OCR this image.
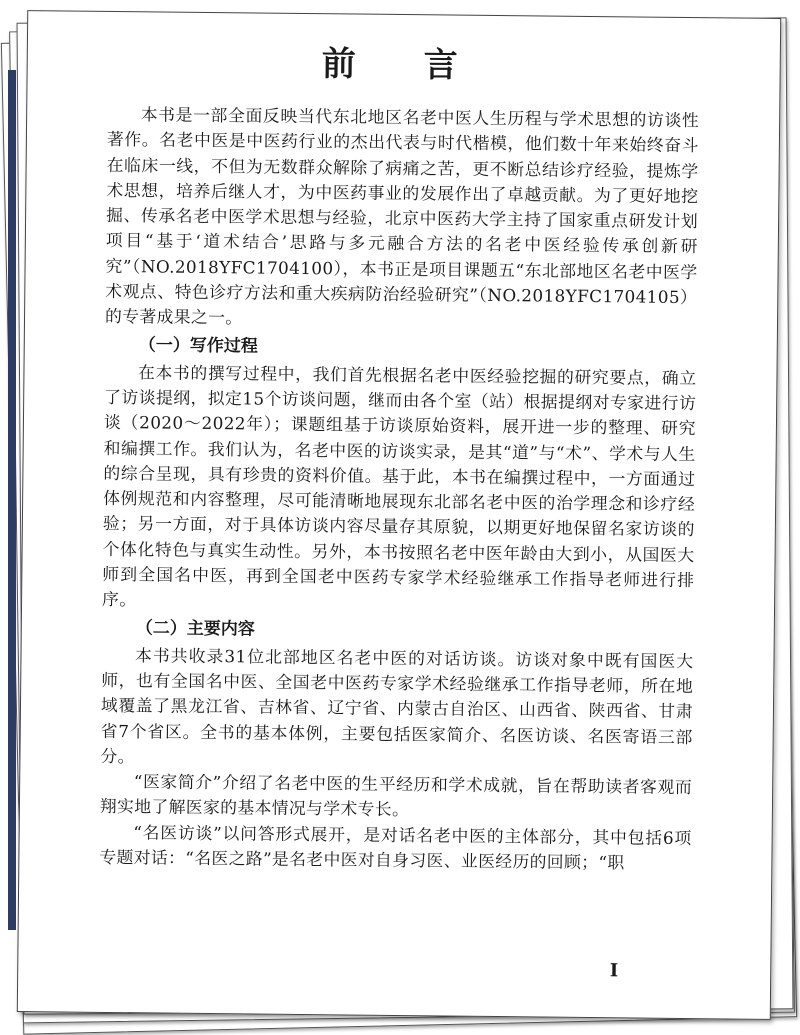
前 言

本书是一部全面反映当代东北地区名老中医人生历程与学术思想的访谈性著作。名老中医是中医药行业的杰出代表与时代楷模，他们数十年来始终奋斗在临床一线，不但为无数群众解除了病痛之苦，更不断总结诊疗经验，提炼学术思想，培养后继人才，为中医药事业的发展作出了卓越贡献。为了更好地挖掘、传承名老中医学术思想与经验，北京中医药大学主持了国家重点研发计划项目“基于‘道术结合’思路与多元融合方法的名老中医经验传承创新研究”（NO.2018YFC1704100），本书正是项目课题五“东北部地区名老中医学术观点、特色诊疗方法和重大疾病防治经验研究”（NO.2018YFC1704105）的专著成果之一。

（一）写作过程

在本书的撰写过程中，我们首先根据名老中医经验挖掘的研究要点，确立了访谈提纲，拟定15个访谈问题，继而由各个室（站）根据提纲对专家进行访谈（2020～2022年）；课题组基于访谈原始资料，展开进一步的整理、研究和编撰工作。我们认为，名老中医的访谈实录，是其“道”与“术”、学术与人生的综合呈现，具有珍贵的资料价值。基于此，本书在编撰过程中，一方面通过体例规范和内容整理，尽可能清晰地展现东北部名老中医的治学理念和诊疗经验；另一方面，对于具体访谈内容尽量存其原貌，以期更好地保留名家访谈的个体化特色与真实生动性。另外，本书按照名老中医年龄由大到小，从国医大师到全国名中医，再到全国老中医药专家学术经验继承工作指导老师进行排序。

（二）主要内容

本书共收录31位北部地区名老中医的对话访谈。访谈对象中既有国医大师，也有全国名中医、全国老中医药专家学术经验继承工作指导老师，所在地域覆盖了黑龙江省、吉林省、辽宁省、内蒙古自治区、山西省、陕西省、甘肃省7个省区。全书的基本体例，主要包括医家简介、名医访谈、名医寄语三部分。

“医家简介”介绍了名老中医的生平经历和学术成就，旨在帮助读者客观而翔实地了解医家的基本情况与学术专长。

“名医访谈”以问答形式展开，是对话名老中医的主体部分，其中包括6项专题对话：“名医之路”是名老中医对自身习医、业医经历的回顾；“职

I
